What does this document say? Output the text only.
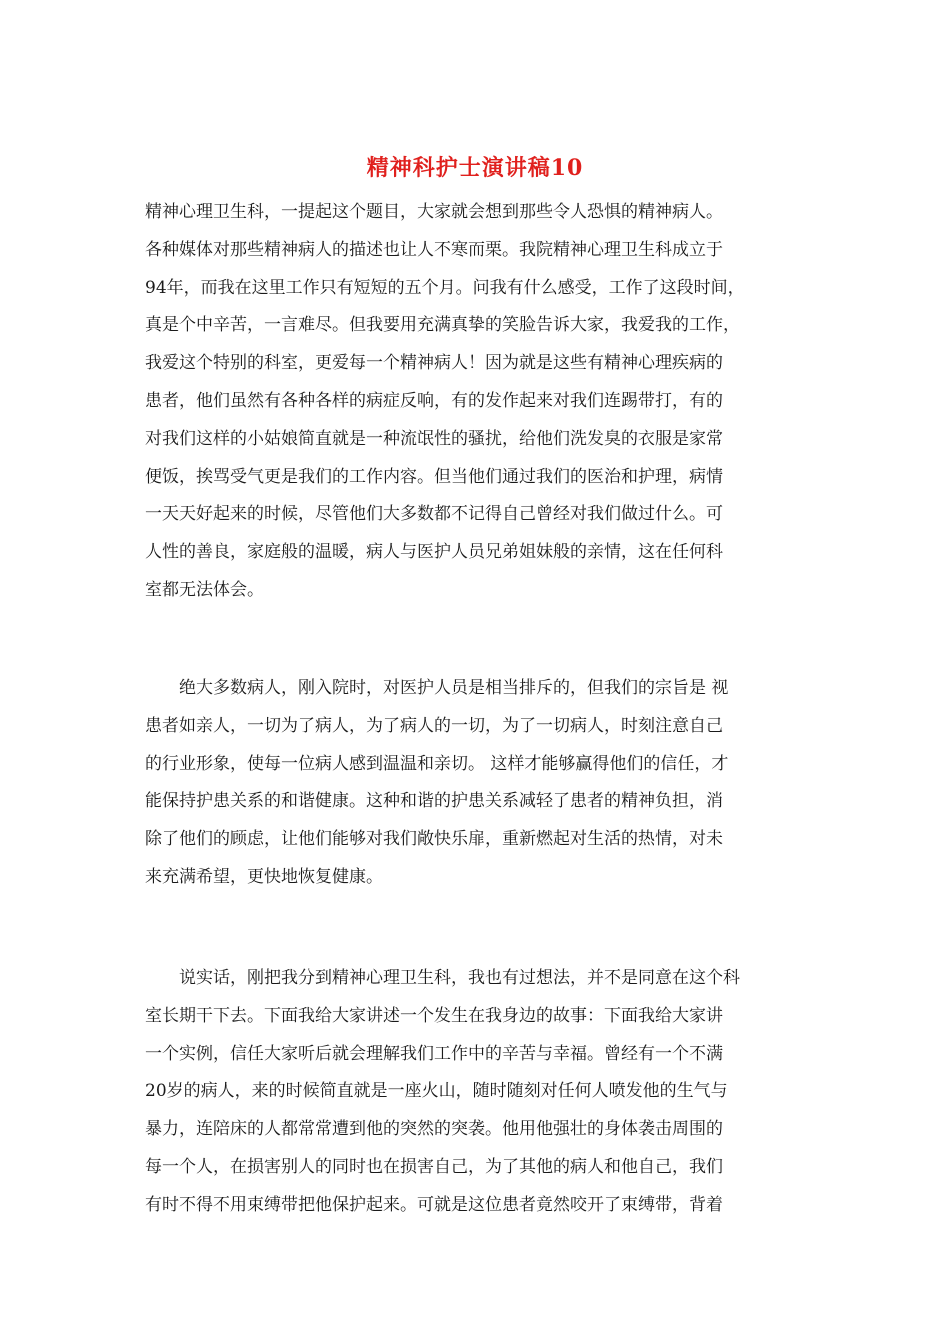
精神科护士演讲稿10
精神心理卫生科，一提起这个题目，大家就会想到那些令人恐惧的精神病人。
各种媒体对那些精神病人的描述也让人不寒而栗。我院精神心理卫生科成立于
94年，而我在这里工作只有短短的五个月。问我有什么感受，工作了这段时间，
真是个中辛苦，一言难尽。但我要用充满真挚的笑脸告诉大家，我爱我的工作，
我爱这个特别的科室，更爱每一个精神病人！因为就是这些有精神心理疾病的
患者，他们虽然有各种各样的病症反响，有的发作起来对我们连踢带打，有的
对我们这样的小姑娘简直就是一种流氓性的骚扰，给他们洗发臭的衣服是家常
便饭，挨骂受气更是我们的工作内容。但当他们通过我们的医治和护理，病情
一天天好起来的时候，尽管他们大多数都不记得自己曾经对我们做过什么。可
人性的善良，家庭般的温暖，病人与医护人员兄弟姐妹般的亲情，这在任何科
室都无法体会。
　　绝大多数病人，刚入院时，对医护人员是相当排斥的，但我们的宗旨是 视
患者如亲人，一切为了病人，为了病人的一切，为了一切病人，时刻注意自己
的行业形象，使每一位病人感到温温和亲切。 这样才能够赢得他们的信任，才
能保持护患关系的和谐健康。这种和谐的护患关系减轻了患者的精神负担，消
除了他们的顾虑，让他们能够对我们敞快乐扉，重新燃起对生活的热情，对未
来充满希望，更快地恢复健康。
　　说实话，刚把我分到精神心理卫生科，我也有过想法，并不是同意在这个科
室长期干下去。下面我给大家讲述一个发生在我身边的故事：下面我给大家讲
一个实例，信任大家听后就会理解我们工作中的辛苦与幸福。曾经有一个不满
20岁的病人，来的时候简直就是一座火山，随时随刻对任何人喷发他的生气与
暴力，连陪床的人都常常遭到他的突然的突袭。他用他强壮的身体袭击周围的
每一个人，在损害别人的同时也在损害自己，为了其他的病人和他自己，我们
有时不得不用束缚带把他保护起来。可就是这位患者竟然咬开了束缚带，背着
